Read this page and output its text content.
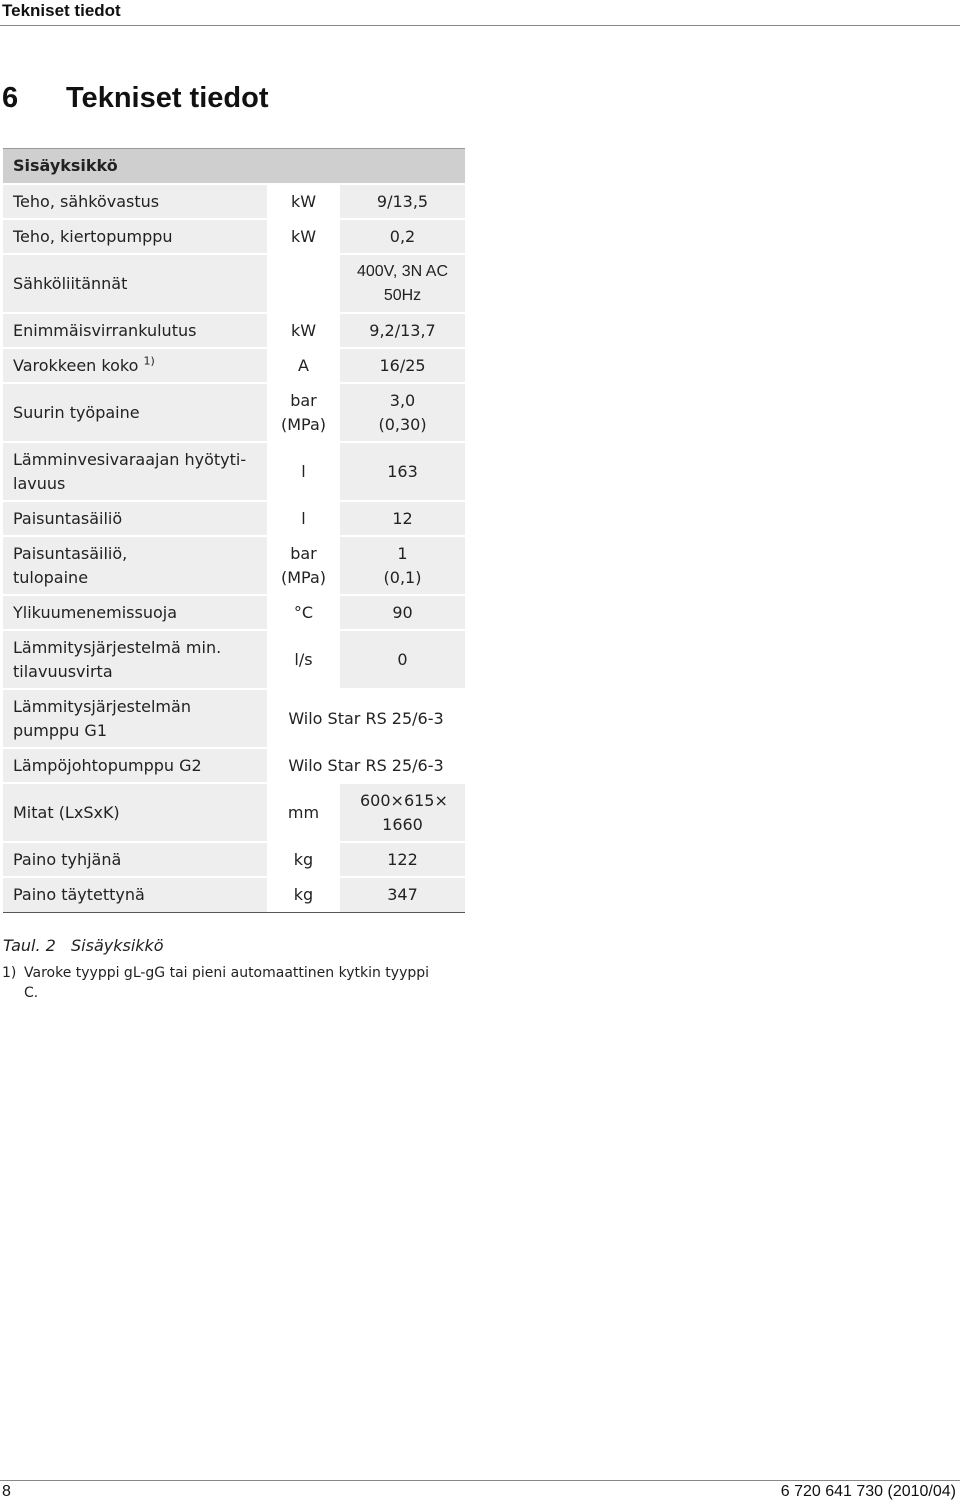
Tekniset tiedot
6 Tekniset tiedot
Sisäyksikkö		
Teho, sähkövastus	kW	9/13,5
Teho, kiertopumppu	kW	0,2
Sähköliitännät		400V, 3N AC 50Hz
Enimmäisvirrankulutus	kW	9,2/13,7
Varokkeen koko $^{1)}$	A	16/25
Suurin työpaine	bar (MPa)	3,0 (0,30)
Lämminvesivaraajan hyötyti-lavuus	l	163
Paisuntasäiliö	l	12
Paisuntasäiliö, tulopaine	bar (MPa)	1 (0,1)
Ylikuumenemissuoja	°C	90
Lämmitysjärjestelmä min. tilavuusvirta	l/s	0
Lämmitysjärjestelmän pumppu G1	Wilo Star RS 25/6-3	
Lämpöjohtopumppu G2	Wilo Star RS 25/6-3	
Mitat (LxSxK)	mm	600×615× 1660
Paino tyhjänä	kg	122
Paino täytettynä	kg	347
Taul. 2 Sisäyksikkö
1) Varoke tyyppi gL-gG tai pieni automaattinen kytkin tyyppi C.
8	6 720 641 730 (2010/04)
